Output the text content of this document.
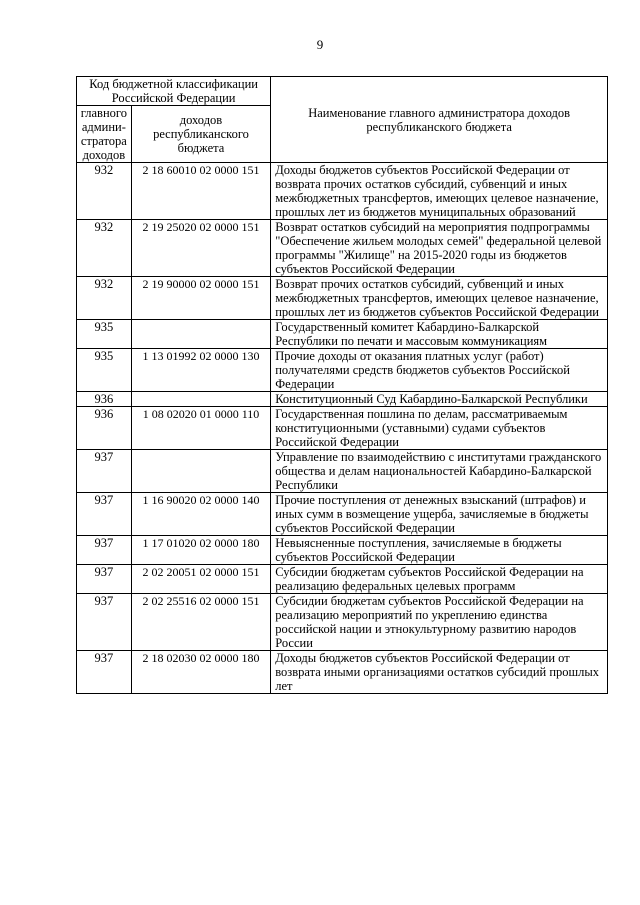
9
Код бюджетной классификации Российской Федерации		Наименование главного администратора доходов республиканского бюджета
главного админи-стратора доходов	доходов республиканского бюджета	
932	2 18 60010 02 0000 151	Доходы бюджетов субъектов Российской Федерации от возврата прочих остатков субсидий, субвенций и иных межбюджетных трансфертов, имеющих целевое назначение, прошлых лет из бюджетов муниципальных образований
932	2 19 25020 02 0000 151	Возврат остатков субсидий на мероприятия подпрограммы "Обеспечение жильем молодых семей" федеральной целевой программы "Жилище" на 2015-2020 годы из бюджетов субъектов Российской Федерации
932	2 19 90000 02 0000 151	Возврат прочих остатков субсидий, субвенций и иных межбюджетных трансфертов, имеющих целевое назначение, прошлых лет из бюджетов субъектов Российской Федерации
935		Государственный комитет Кабардино-Балкарской Республики по печати и массовым коммуникациям
935	1 13 01992 02 0000 130	Прочие доходы от оказания платных услуг (работ) получателями средств бюджетов субъектов Российской Федерации
936		Конституционный Суд Кабардино-Балкарской Республики
936	1 08 02020 01 0000 110	Государственная пошлина по делам, рассматриваемым конституционными (уставными) судами субъектов Российской Федерации
937		Управление по взаимодействию с институтами гражданского общества и делам национальностей Кабардино-Балкарской Республики
937	1 16 90020 02 0000 140	Прочие поступления от денежных взысканий (штрафов) и иных сумм в возмещение ущерба, зачисляемые в бюджеты субъектов Российской Федерации
937	1 17 01020 02 0000 180	Невыясненные поступления, зачисляемые в бюджеты субъектов Российской Федерации
937	2 02 20051 02 0000 151	Субсидии бюджетам субъектов Российской Федерации на реализацию федеральных целевых программ
937	2 02 25516 02 0000 151	Субсидии бюджетам субъектов Российской Федерации на реализацию мероприятий по укреплению единства российской нации и этнокультурному развитию народов России
937	2 18 02030 02 0000 180	Доходы бюджетов субъектов Российской Федерации от возврата иными организациями остатков субсидий прошлых лет
